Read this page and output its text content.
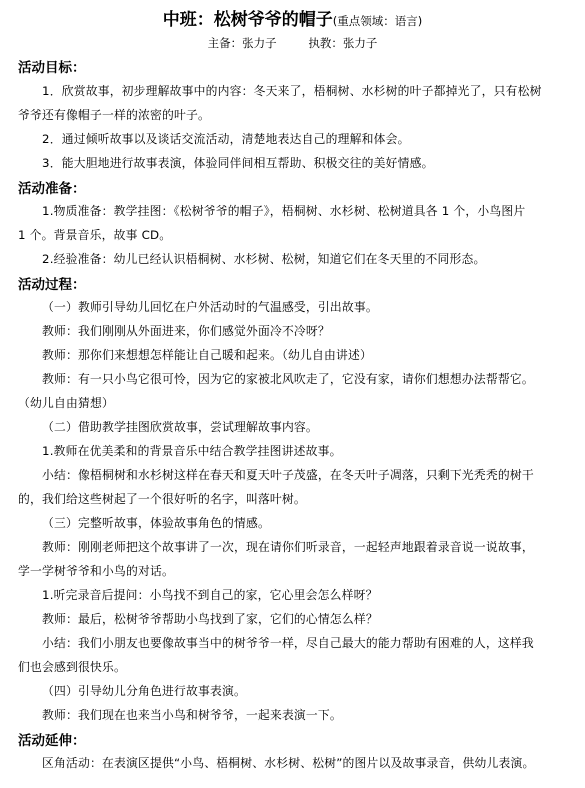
中班：松树爷爷的帽子(重点领域：语言)
主备：张力子	执教：张力子
活动目标：
1．欣赏故事，初步理解故事中的内容：冬天来了，梧桐树、水杉树的叶子都掉光了，只有松树
爷爷还有像帽子一样的浓密的叶子。
2．通过倾听故事以及谈话交流活动，清楚地表达自己的理解和体会。
3．能大胆地进行故事表演，体验同伴间相互帮助、积极交往的美好情感。
活动准备：
1.物质准备：教学挂图：《松树爷爷的帽子》，梧桐树、水杉树、松树道具各 1 个，小鸟图片
1 个。背景音乐，故事 CD。
2.经验准备：幼儿已经认识梧桐树、水杉树、松树，知道它们在冬天里的不同形态。
活动过程：
（一）教师引导幼儿回忆在户外活动时的气温感受，引出故事。
教师：我们刚刚从外面进来，你们感觉外面冷不冷呀？
教师：那你们来想想怎样能让自己暖和起来。（幼儿自由讲述）
教师：有一只小鸟它很可怜，因为它的家被北风吹走了，它没有家，请你们想想办法帮帮它。
（幼儿自由猜想）
（二）借助教学挂图欣赏故事，尝试理解故事内容。
1.教师在优美柔和的背景音乐中结合教学挂图讲述故事。
小结：像梧桐树和水杉树这样在春天和夏天叶子茂盛，在冬天叶子凋落，只剩下光秃秃的树干
的，我们给这些树起了一个很好听的名字，叫落叶树。
（三）完整听故事，体验故事角色的情感。
教师：刚刚老师把这个故事讲了一次，现在请你们听录音，一起轻声地跟着录音说一说故事，
学一学树爷爷和小鸟的对话。
1.听完录音后提问：小鸟找不到自己的家，它心里会怎么样呀？
教师：最后，松树爷爷帮助小鸟找到了家，它们的心情怎么样？
小结：我们小朋友也要像故事当中的树爷爷一样，尽自己最大的能力帮助有困难的人，这样我
们也会感到很快乐。
（四）引导幼儿分角色进行故事表演。
教师：我们现在也来当小鸟和树爷爷，一起来表演一下。
活动延伸：
区角活动：在表演区提供“小鸟、梧桐树、水杉树、松树”的图片以及故事录音，供幼儿表演。
